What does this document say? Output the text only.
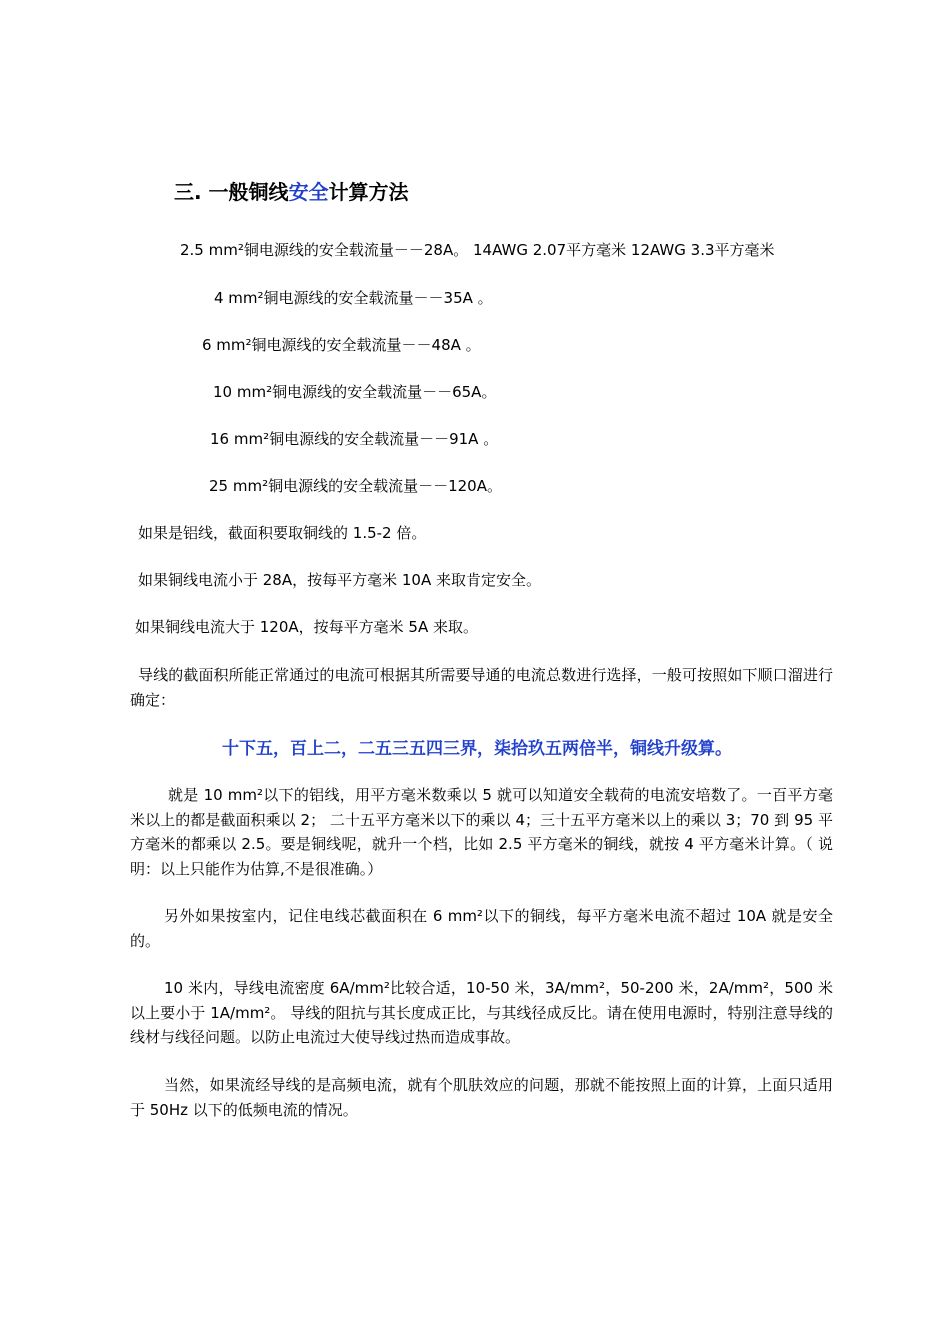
三. 一般铜线安全计算方法
2.5 mm²铜电源线的安全载流量－－28A。 14AWG 2.07平方毫米 12AWG 3.3平方毫米
4 mm²铜电源线的安全载流量－－35A 。
6 mm²铜电源线的安全载流量－－48A 。
10 mm²铜电源线的安全载流量－－65A。
16 mm²铜电源线的安全载流量－－91A 。
25 mm²铜电源线的安全载流量－－120A。
如果是铝线，截面积要取铜线的 1.5-2 倍。
如果铜线电流小于 28A，按每平方毫米 10A 来取肯定安全。
如果铜线电流大于 120A，按每平方毫米 5A 来取。
导线的截面积所能正常通过的电流可根据其所需要导通的电流总数进行选择，一般可按照如下顺口溜进行确定：
十下五，百上二，二五三五四三界，柒拾玖五两倍半，铜线升级算。
就是 10 mm²以下的铝线，用平方毫米数乘以 5 就可以知道安全载荷的电流安培数了。一百平方毫米以上的都是截面积乘以 2； 二十五平方毫米以下的乘以 4；三十五平方毫米以上的乘以 3；70 到 95 平方毫米的都乘以 2.5。要是铜线呢，就升一个档，比如 2.5 平方毫米的铜线，就按 4 平方毫米计算。（ 说明：以上只能作为估算,不是很准确。）
另外如果按室内，记住电线芯截面积在 6 mm²以下的铜线，每平方毫米电流不超过 10A 就是安全的。
10 米内，导线电流密度 6A/mm²比较合适，10-50 米，3A/mm²，50-200 米，2A/mm²，500 米以上要小于 1A/mm²。 导线的阻抗与其长度成正比，与其线径成反比。请在使用电源时，特别注意导线的线材与线径问题。以防止电流过大使导线过热而造成事故。
当然，如果流经导线的是高频电流，就有个肌肤效应的问题，那就不能按照上面的计算，上面只适用于 50Hz 以下的低频电流的情况。
